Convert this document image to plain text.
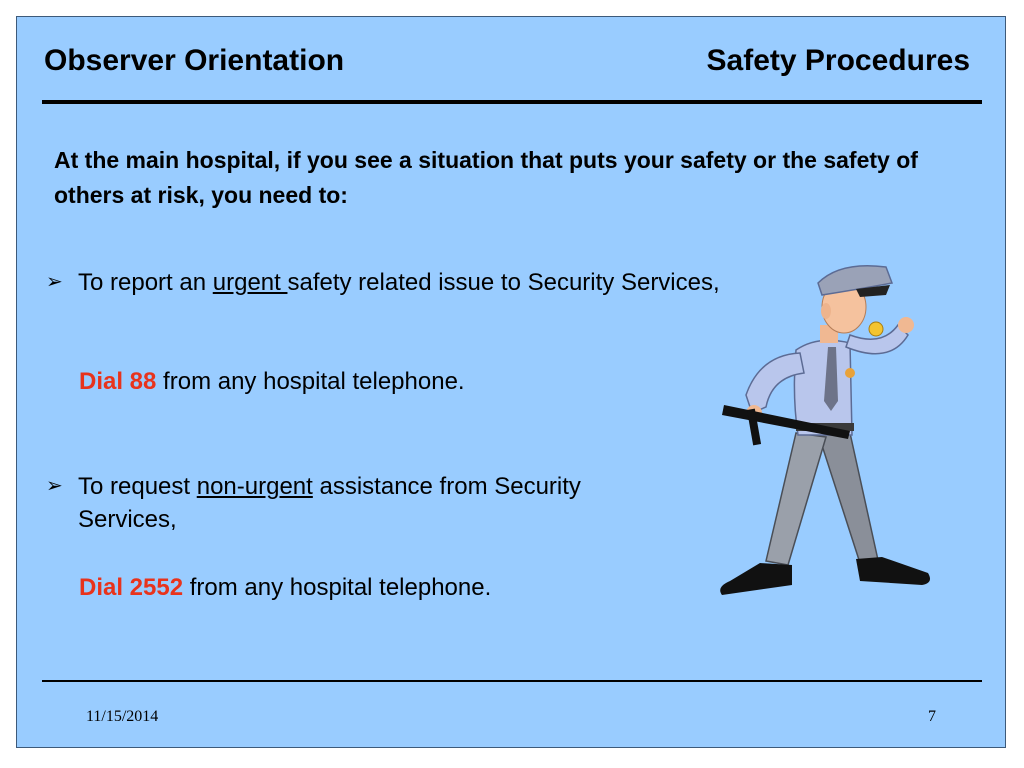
Observer Orientation	Safety Procedures
At the main hospital, if you see a situation that puts your safety or the safety of others at risk, you need to:
➢ To report an urgent safety related issue to Security Services,
Dial 88 from any hospital telephone.
➢ To request non-urgent assistance from Security Services,
Dial 2552 from any hospital telephone.
11/15/2014	7
